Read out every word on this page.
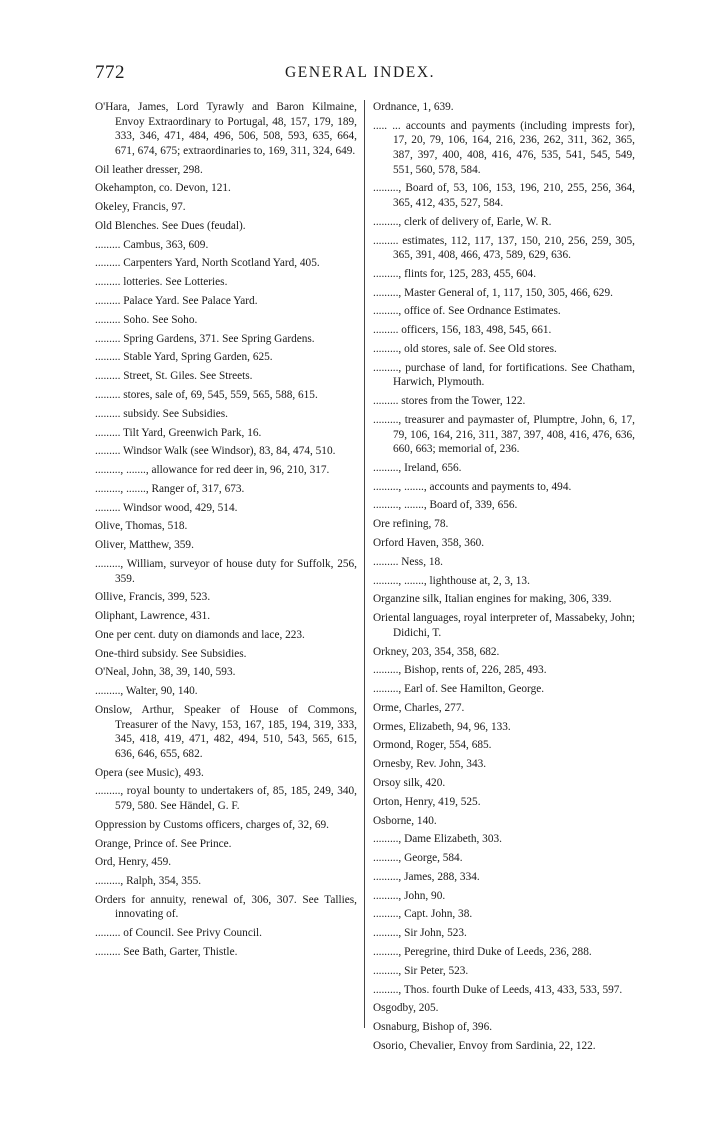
772	GENERAL INDEX.
O'Hara, James, Lord Tyrawly and Baron Kilmaine, Envoy Extraordinary to Portugal, 48, 157, 179, 189, 333, 346, 471, 484, 496, 506, 508, 593, 635, 664, 671, 674, 675; extraordinaries to, 169, 311, 324, 649.
Oil leather dresser, 298.
Okehampton, co. Devon, 121.
Okeley, Francis, 97.
Old Blenches. See Dues (feudal).
......... Cambus, 363, 609.
......... Carpenters Yard, North Scotland Yard, 405.
......... lotteries. See Lotteries.
......... Palace Yard. See Palace Yard.
......... Soho. See Soho.
......... Spring Gardens, 371. See Spring Gardens.
......... Stable Yard, Spring Garden, 625.
......... Street, St. Giles. See Streets.
......... stores, sale of, 69, 545, 559, 565, 588, 615.
......... subsidy. See Subsidies.
......... Tilt Yard, Greenwich Park, 16.
......... Windsor Walk (see Windsor), 83, 84, 474, 510.
........., ......., allowance for red deer in, 96, 210, 317.
........., ......., Ranger of, 317, 673.
......... Windsor wood, 429, 514.
Olive, Thomas, 518.
Oliver, Matthew, 359.
........., William, surveyor of house duty for Suffolk, 256, 359.
Ollive, Francis, 399, 523.
Oliphant, Lawrence, 431.
One per cent. duty on diamonds and lace, 223.
One-third subsidy. See Subsidies.
O'Neal, John, 38, 39, 140, 593.
........., Walter, 90, 140.
Onslow, Arthur, Speaker of House of Commons, Treasurer of the Navy, 153, 167, 185, 194, 319, 333, 345, 418, 419, 471, 482, 494, 510, 543, 565, 615, 636, 646, 655, 682.
Opera (see Music), 493.
........., royal bounty to undertakers of, 85, 185, 249, 340, 579, 580. See Händel, G. F.
Oppression by Customs officers, charges of, 32, 69.
Orange, Prince of. See Prince.
Ord, Henry, 459.
........., Ralph, 354, 355.
Orders for annuity, renewal of, 306, 307. See Tallies, innovating of.
......... of Council. See Privy Council.
......... See Bath, Garter, Thistle.
Ordnance, 1, 639.
..... ... accounts and payments (including imprests for), 17, 20, 79, 106, 164, 216, 236, 262, 311, 362, 365, 387, 397, 400, 408, 416, 476, 535, 541, 545, 549, 551, 560, 578, 584.
........., Board of, 53, 106, 153, 196, 210, 255, 256, 364, 365, 412, 435, 527, 584.
........., clerk of delivery of, Earle, W. R.
......... estimates, 112, 117, 137, 150, 210, 256, 259, 305, 365, 391, 408, 466, 473, 589, 629, 636.
........., flints for, 125, 283, 455, 604.
........., Master General of, 1, 117, 150, 305, 466, 629.
........., office of. See Ordnance Estimates.
......... officers, 156, 183, 498, 545, 661.
........., old stores, sale of. See Old stores.
........., purchase of land, for fortifications. See Chatham, Harwich, Plymouth.
......... stores from the Tower, 122.
........., treasurer and paymaster of, Plumptre, John, 6, 17, 79, 106, 164, 216, 311, 387, 397, 408, 416, 476, 636, 660, 663; memorial of, 236.
........., Ireland, 656.
........., ......., accounts and payments to, 494.
........., ......., Board of, 339, 656.
Ore refining, 78.
Orford Haven, 358, 360.
......... Ness, 18.
........., ......., lighthouse at, 2, 3, 13.
Organzine silk, Italian engines for making, 306, 339.
Oriental languages, royal interpreter of, Massabeky, John; Didichi, T.
Orkney, 203, 354, 358, 682.
........., Bishop, rents of, 226, 285, 493.
........., Earl of. See Hamilton, George.
Orme, Charles, 277.
Ormes, Elizabeth, 94, 96, 133.
Ormond, Roger, 554, 685.
Ornesby, Rev. John, 343.
Orsoy silk, 420.
Orton, Henry, 419, 525.
Osborne, 140.
........., Dame Elizabeth, 303.
........., George, 584.
........., James, 288, 334.
........., John, 90.
........., Capt. John, 38.
........., Sir John, 523.
........., Peregrine, third Duke of Leeds, 236, 288.
........., Sir Peter, 523.
........., Thos. fourth Duke of Leeds, 413, 433, 533, 597.
Osgodby, 205.
Osnaburg, Bishop of, 396.
Osorio, Chevalier, Envoy from Sardinia, 22, 122.
